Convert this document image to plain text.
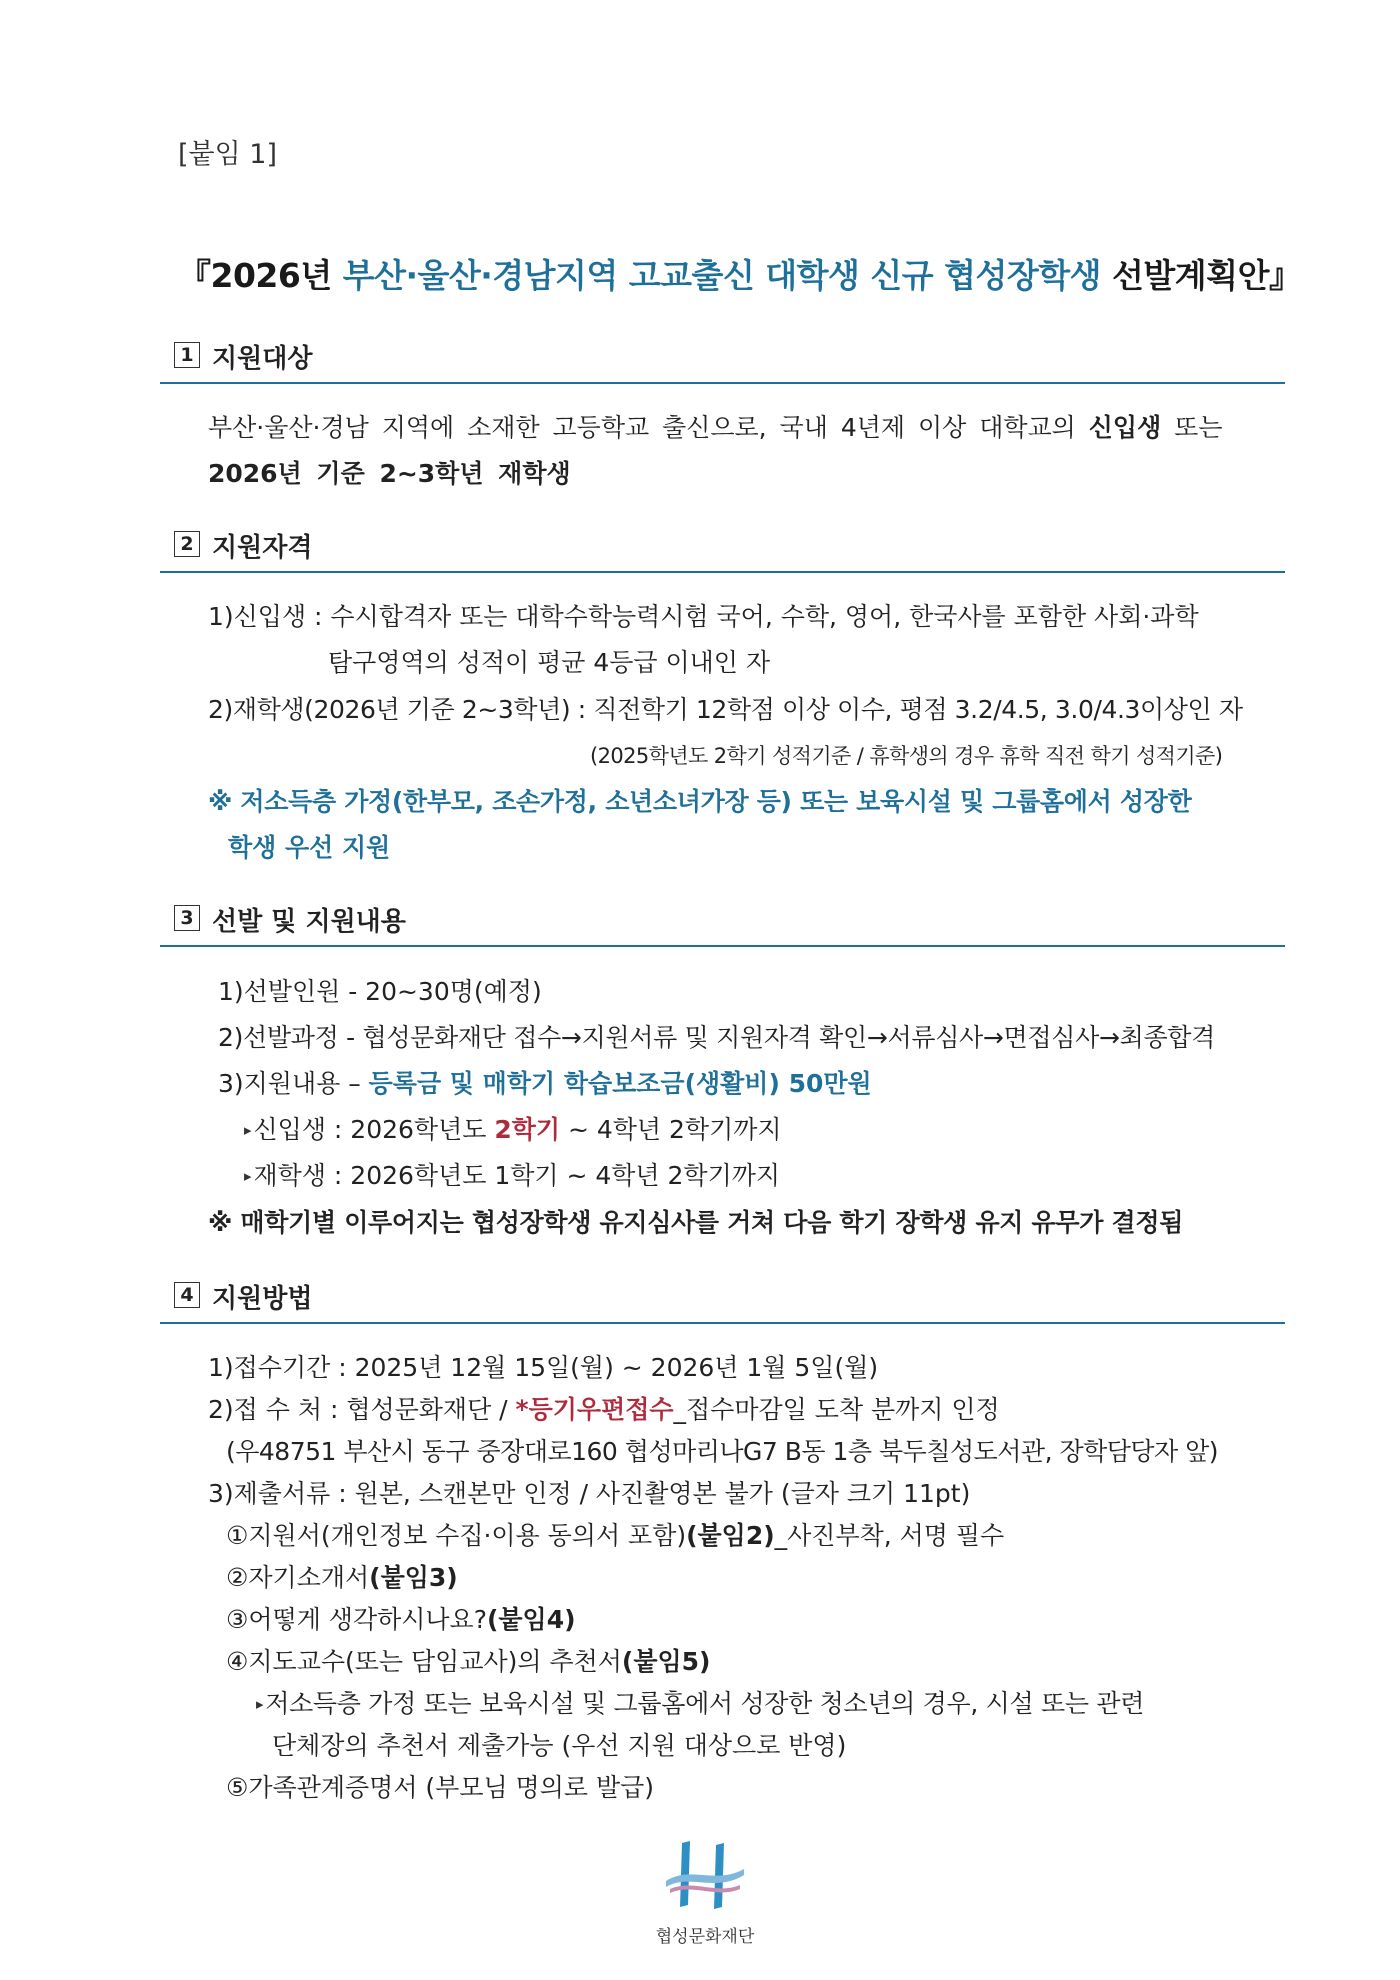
[붙임 1]
『2026년 부산·울산·경남지역 고교출신 대학생 신규 협성장학생 선발계획안』
1 지원대상
부산·울산·경남 지역에 소재한 고등학교 출신으로, 국내 4년제 이상 대학교의 신입생 또는
2026년 기준 2~3학년 재학생
2 지원자격
1)신입생 : 수시합격자 또는 대학수학능력시험 국어, 수학, 영어, 한국사를 포함한 사회·과학
탐구영역의 성적이 평균 4등급 이내인 자
2)재학생(2026년 기준 2~3학년) : 직전학기 12학점 이상 이수, 평점 3.2/4.5, 3.0/4.3이상인 자
(2025학년도 2학기 성적기준 / 휴학생의 경우 휴학 직전 학기 성적기준)
※ 저소득층 가정(한부모, 조손가정, 소년소녀가장 등) 또는 보육시설 및 그룹홈에서 성장한
학생 우선 지원
3 선발 및 지원내용
1)선발인원 - 20~30명(예정)
2)선발과정 - 협성문화재단 접수→지원서류 및 지원자격 확인→서류심사→면접심사→최종합격
3)지원내용 – 등록금 및 매학기 학습보조금(생활비) 50만원
▸신입생 : 2026학년도 2학기 ~ 4학년 2학기까지
▸재학생 : 2026학년도 1학기 ~ 4학년 2학기까지
※ 매학기별 이루어지는 협성장학생 유지심사를 거쳐 다음 학기 장학생 유지 유무가 결정됨
4 지원방법
1)접수기간 : 2025년 12월 15일(월) ~ 2026년 1월 5일(월)
2)접 수 처 : 협성문화재단 / *등기우편접수_접수마감일 도착 분까지 인정
(우48751 부산시 동구 중장대로160 협성마리나G7 B동 1층 북두칠성도서관, 장학담당자 앞)
3)제출서류 : 원본, 스캔본만 인정 / 사진촬영본 불가 (글자 크기 11pt)
①지원서(개인정보 수집·이용 동의서 포함)(붙임2)_사진부착, 서명 필수
②자기소개서(붙임3)
③어떻게 생각하시나요?(붙임4)
④지도교수(또는 담임교사)의 추천서(붙임5)
▸저소득층 가정 또는 보육시설 및 그룹홈에서 성장한 청소년의 경우, 시설 또는 관련
단체장의 추천서 제출가능 (우선 지원 대상으로 반영)
⑤가족관계증명서 (부모님 명의로 발급)
협성문화재단
